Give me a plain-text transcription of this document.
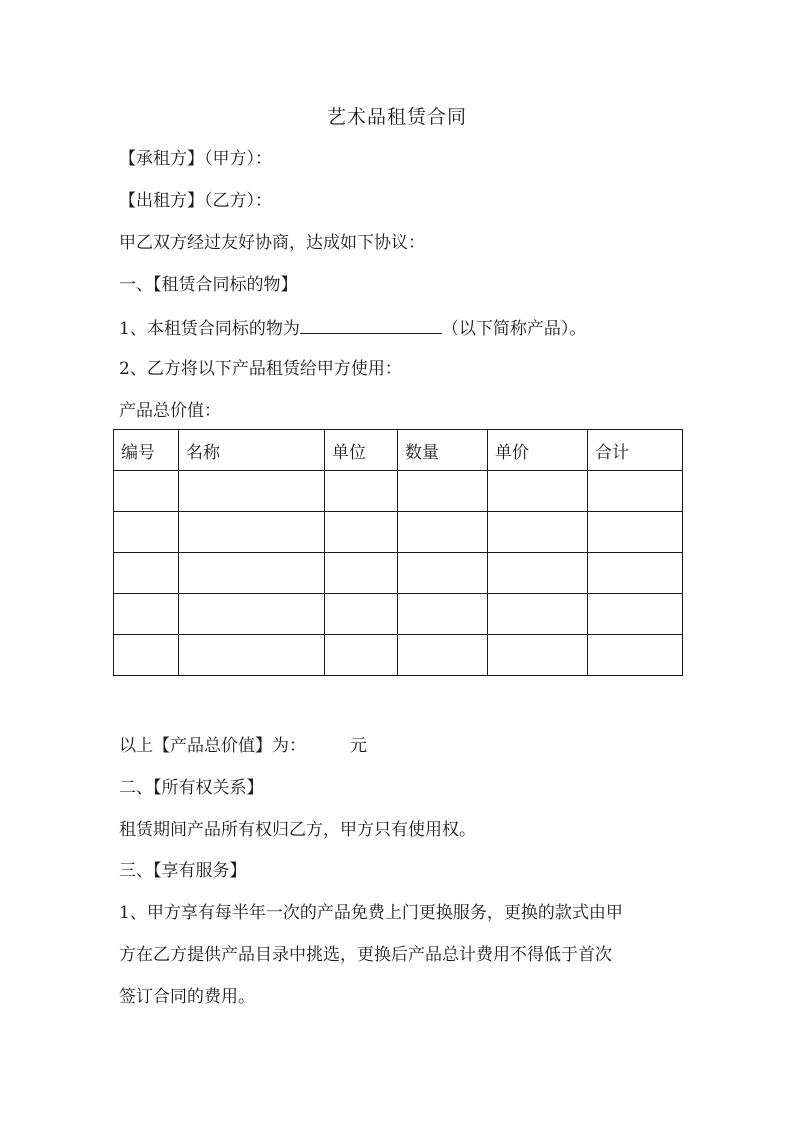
艺术品租赁合同
【承租方】（甲方）：
【出租方】（乙方）：
甲乙双方经过友好协商，达成如下协议：
一、【租赁合同标的物】
1、本租赁合同标的物为	（以下简称产品）。
2、乙方将以下产品租赁给甲方使用：
产品总价值：
编号	名称	单位	数量	单价	合计

以上【产品总价值】为：	元
二、【所有权关系】
租赁期间产品所有权归乙方，甲方只有使用权。
三、【享有服务】
1、甲方享有每半年一次的产品免费上门更换服务，更换的款式由甲
方在乙方提供产品目录中挑选，更换后产品总计费用不得低于首次
签订合同的费用。
